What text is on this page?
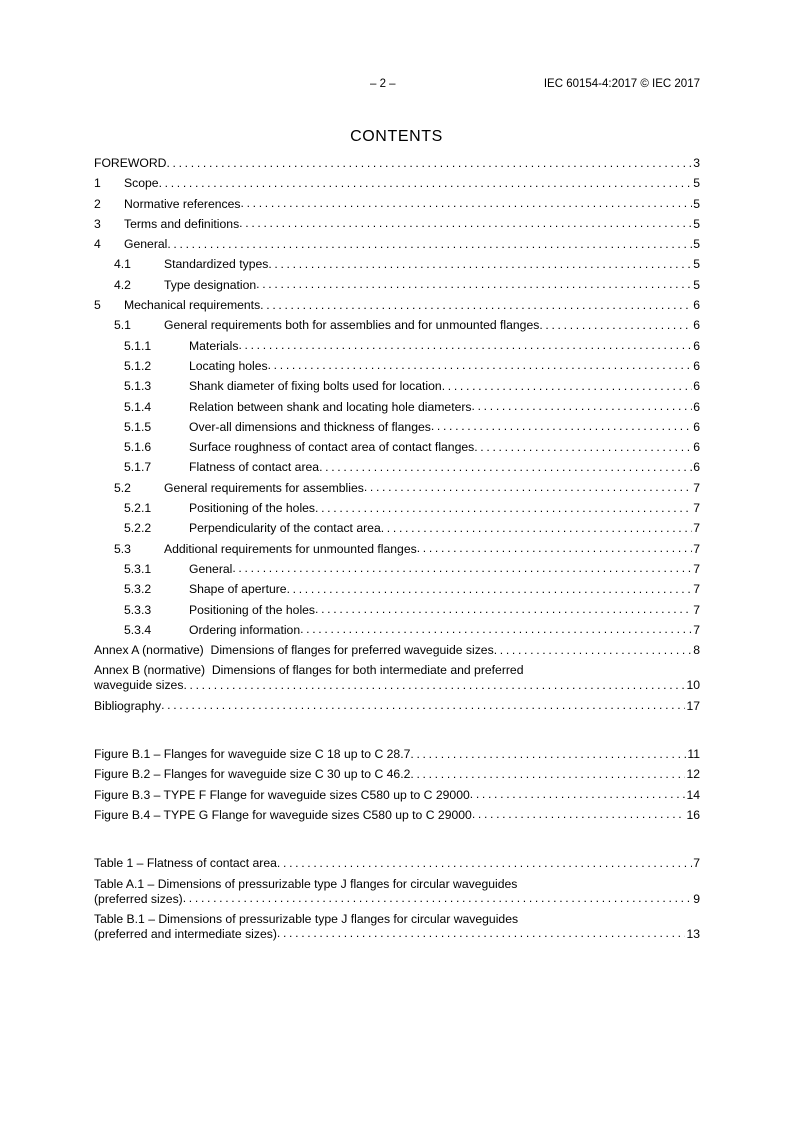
– 2 –	IEC 60154-4:2017 © IEC 2017
CONTENTS
FOREWORD . . .	3
1	Scope . . .	5
2	Normative references . . .	5
3	Terms and definitions . . .	5
4	General . . .	5
4.1	Standardized types . . .	5
4.2	Type designation . . .	5
5	Mechanical requirements . . .	6
5.1	General requirements both for assemblies and for unmounted flanges . . .	6
5.1.1	Materials . . .	6
5.1.2	Locating holes . . .	6
5.1.3	Shank diameter of fixing bolts used for location . . .	6
5.1.4	Relation between shank and locating hole diameters . . .	6
5.1.5	Over-all dimensions and thickness of flanges . . .	6
5.1.6	Surface roughness of contact area of contact flanges . . .	6
5.1.7	Flatness of contact area . . .	6
5.2	General requirements for assemblies . . .	7
5.2.1	Positioning of the holes . . .	7
5.2.2	Perpendicularity of the contact area . . .	7
5.3	Additional requirements for unmounted flanges . . .	7
5.3.1	General . . .	7
5.3.2	Shape of aperture . . .	7
5.3.3	Positioning of the holes . . .	7
5.3.4	Ordering information . . .	7
Annex A (normative)  Dimensions of flanges for preferred waveguide sizes . . .	8
Annex B (normative)  Dimensions of flanges for both intermediate and preferred
waveguide sizes . . .	10
Bibliography . . .	17
Figure B.1 – Flanges for waveguide size C 18 up to C 28.7 . . .	11
Figure B.2 – Flanges for waveguide size C 30 up to C 46.2 . . .	12
Figure B.3 – TYPE F Flange for waveguide sizes C580 up to C 29000 . . .	14
Figure B.4 – TYPE G Flange for waveguide sizes C580 up to C 29000 . . .	16
Table 1 – Flatness of contact area . . .	7
Table A.1 – Dimensions of pressurizable type J flanges for circular waveguides
(preferred sizes) . . .	9
Table B.1 – Dimensions of pressurizable type J flanges for circular waveguides
(preferred and intermediate sizes) . . .	13
